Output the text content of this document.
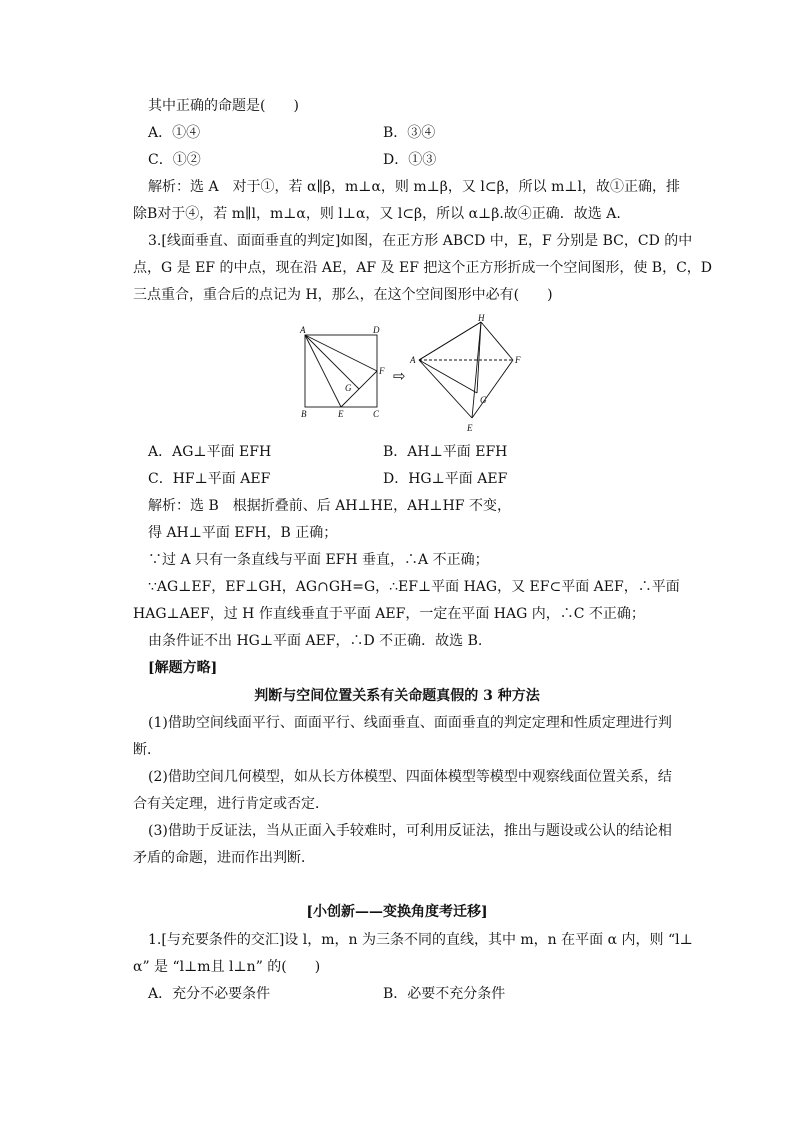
其中正确的命题是(　　)
A．①④	B．③④
C．①②	D．①③
解析：选 A　对于①，若 α∥β，m⊥α，则 m⊥β，又 l⊂β，所以 m⊥l，故①正确，排
除B对于④，若 m∥l，m⊥α，则 l⊥α，又 l⊂β，所以 α⊥β.故④正确．故选 A.
3.[线面垂直、面面垂直的判定]如图，在正方形 ABCD 中，E，F 分别是 BC，CD 的中
点，G 是 EF 的中点，现在沿 AE，AF 及 EF 把这个正方形折成一个空间图形，使 B，C，D
三点重合，重合后的点记为 H，那么，在这个空间图形中必有(　　)
A	D
F
G
B	E	C
⇨
H
A	F
G
E
A．AG⊥平面 EFH	B．AH⊥平面 EFH
C．HF⊥平面 AEF	D．HG⊥平面 AEF
解析：选 B　根据折叠前、后 AH⊥HE，AH⊥HF 不变，
得 AH⊥平面 EFH，B 正确；
∵过 A 只有一条直线与平面 EFH 垂直，∴A 不正确；
∵AG⊥EF，EF⊥GH，AG∩GH=G，∴EF⊥平面 HAG，又 EF⊂平面 AEF，∴平面
HAG⊥AEF，过 H 作直线垂直于平面 AEF，一定在平面 HAG 内，∴C 不正确；
由条件证不出 HG⊥平面 AEF，∴D 不正确．故选 B.
[解题方略]
判断与空间位置关系有关命题真假的 3 种方法
(1)借助空间线面平行、面面平行、线面垂直、面面垂直的判定定理和性质定理进行判
断．
(2)借助空间几何模型，如从长方体模型、四面体模型等模型中观察线面位置关系，结
合有关定理，进行肯定或否定．
(3)借助于反证法，当从正面入手较难时，可利用反证法，推出与题设或公认的结论相
矛盾的命题，进而作出判断．
[小创新——变换角度考迁移]
1.[与充要条件的交汇]设 l，m，n 为三条不同的直线，其中 m，n 在平面 α 内，则 “l⊥
α” 是 “l⊥m且 l⊥n” 的(　　)
A．充分不必要条件	B．必要不充分条件
